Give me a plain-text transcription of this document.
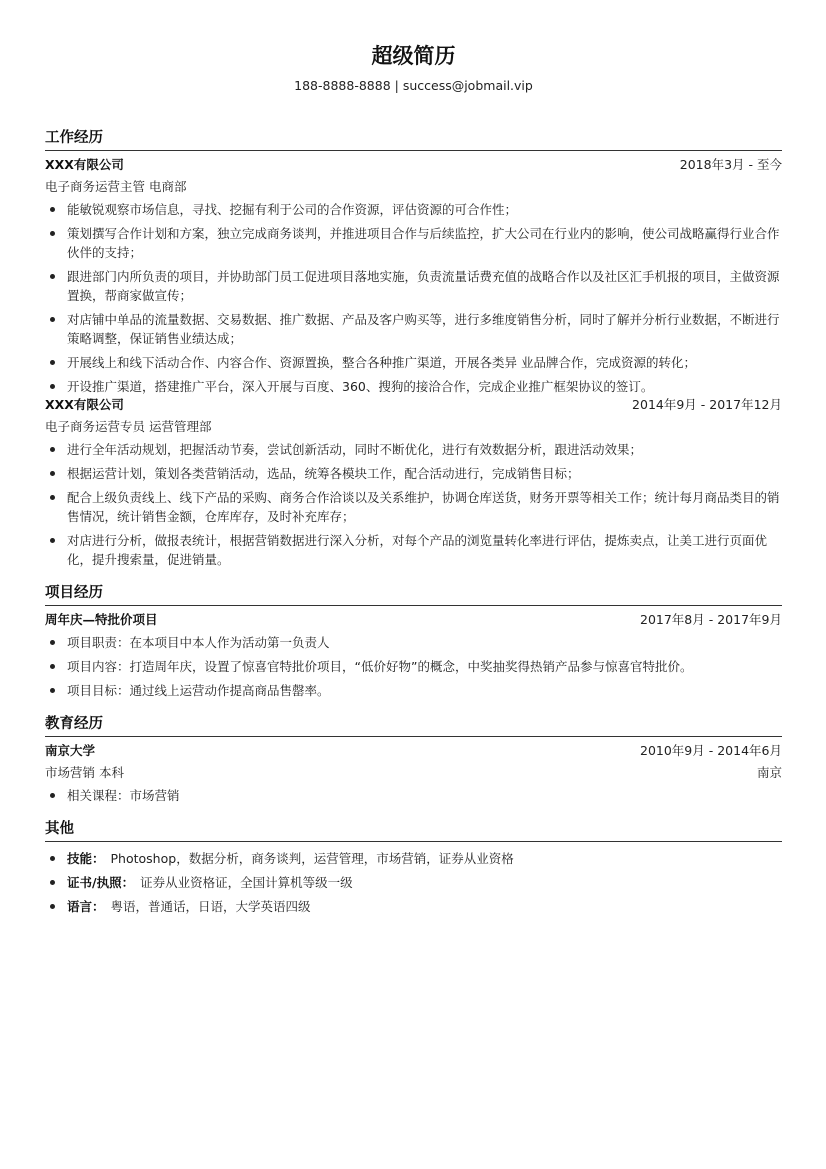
超级简历
188-8888-8888 | success@jobmail.vip
工作经历
XXX有限公司	2018年3月 - 至今
电子商务运营主管 电商部
能敏锐观察市场信息，寻找、挖掘有利于公司的合作资源，评估资源的可合作性；
策划撰写合作计划和方案，独立完成商务谈判，并推进项目合作与后续监控，扩大公司在行业内的影响，使公司战略赢得行业合作伙伴的支持；
跟进部门内所负责的项目，并协助部门员工促进项目落地实施，负责流量话费充值的战略合作以及社区汇手机报的项目，主做资源置换，帮商家做宣传；
对店铺中单品的流量数据、交易数据、推广数据、产品及客户购买等，进行多维度销售分析，同时了解并分析行业数据，不断进行策略调整，保证销售业绩达成；
开展线上和线下活动合作、内容合作、资源置换，整合各种推广渠道，开展各类异 业品牌合作，完成资源的转化；
开设推广渠道，搭建推广平台，深入开展与百度、360、搜狗的接洽合作，完成企业推广框架协议的签订。
XXX有限公司	2014年9月 - 2017年12月
电子商务运营专员 运营管理部
进行全年活动规划，把握活动节奏，尝试创新活动，同时不断优化，进行有效数据分析，跟进活动效果；
根据运营计划，策划各类营销活动，选品，统筹各模块工作，配合活动进行，完成销售目标；
配合上级负责线上、线下产品的采购、商务合作洽谈以及关系维护，协调仓库送货，财务开票等相关工作；统计每月商品类目的销售情况，统计销售金额，仓库库存，及时补充库存；
对店进行分析，做报表统计，根据营销数据进行深入分析，对每个产品的浏览量转化率进行评估，提炼卖点，让美工进行页面优化，提升搜索量，促进销量。
项目经历
周年庆—特批价项目	2017年8月 - 2017年9月
项目职责：在本项目中本人作为活动第一负责人
项目内容：打造周年庆，设置了惊喜官特批价项目，“低价好物”的概念，中奖抽奖得热销产品参与惊喜官特批价。
项目目标：通过线上运营动作提高商品售罄率。
教育经历
南京大学	2010年9月 - 2014年6月
市场营销 本科	南京
相关课程：市场营销
其他
技能： Photoshop，数据分析，商务谈判，运营管理，市场营销，证券从业资格
证书/执照： 证券从业资格证，全国计算机等级一级
语言： 粤语，普通话，日语，大学英语四级
